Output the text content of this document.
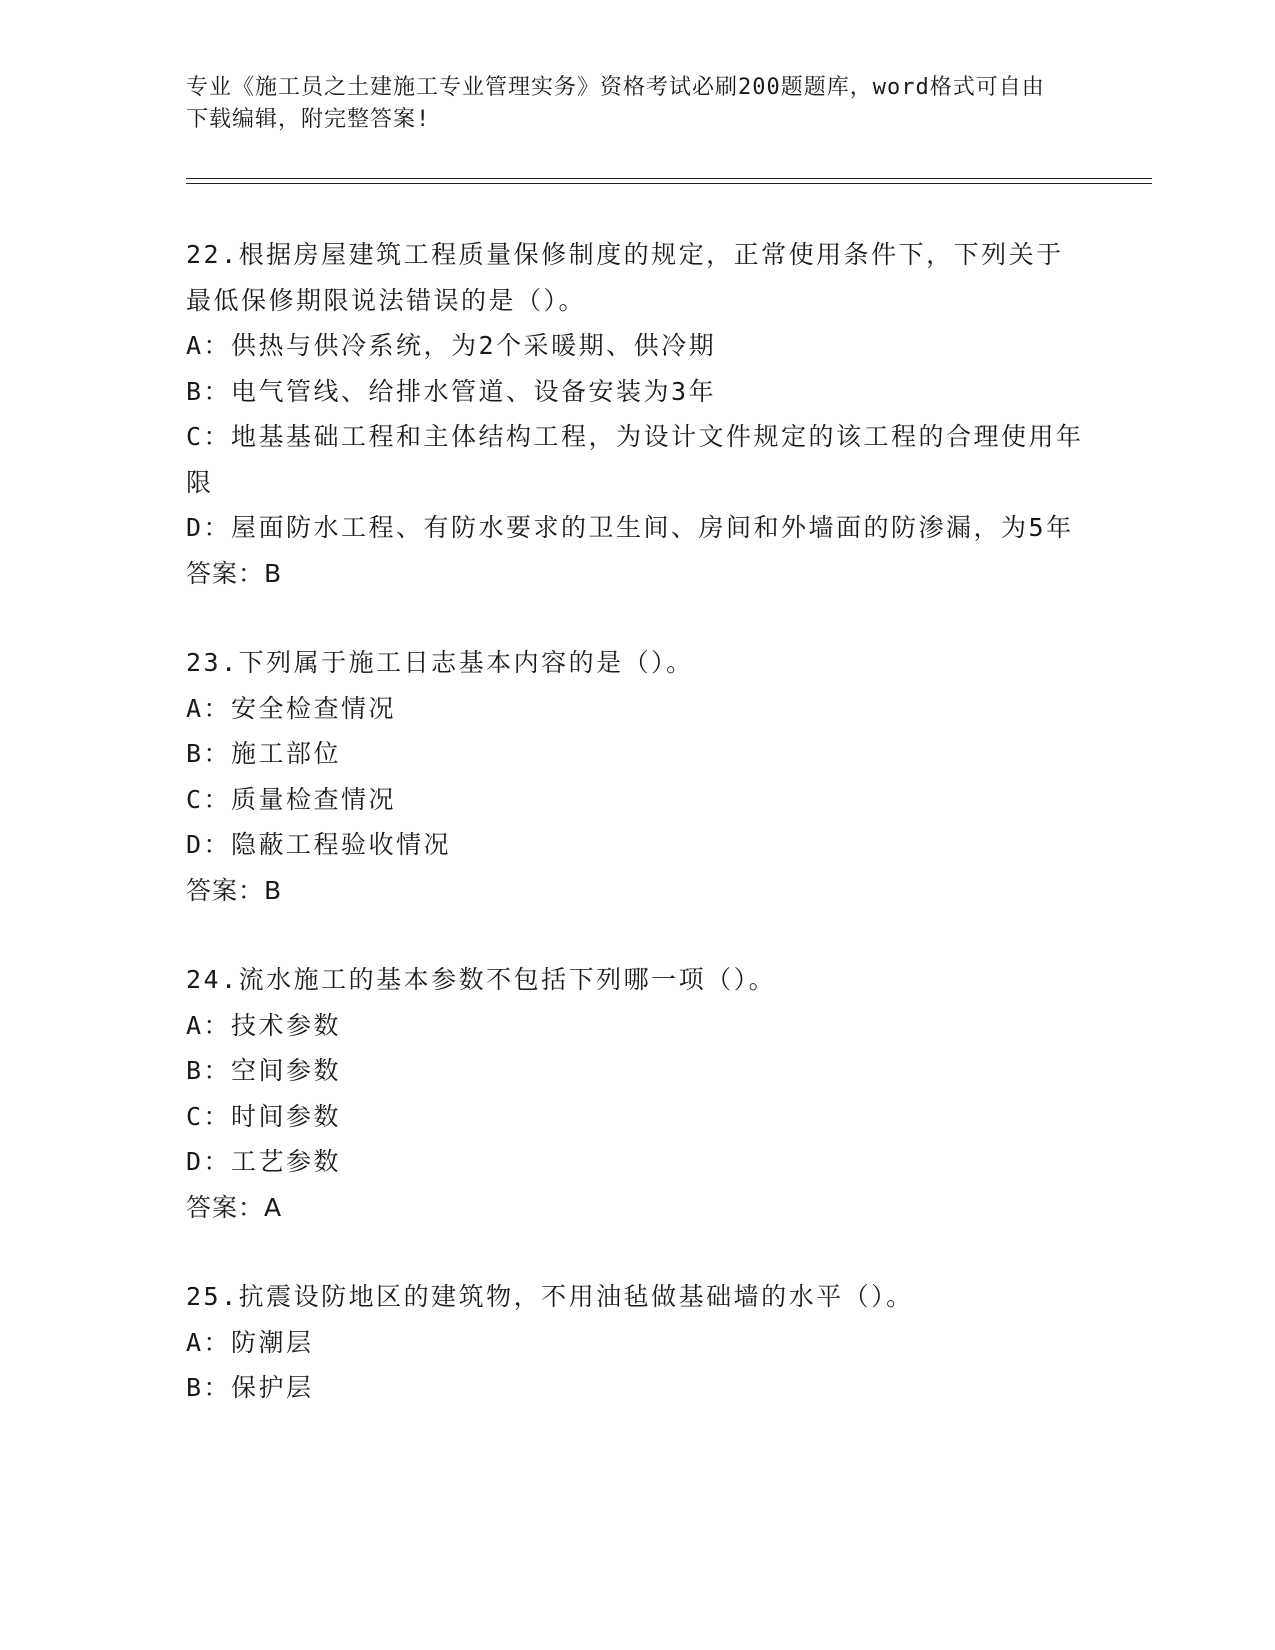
专业《施工员之土建施工专业管理实务》资格考试必刷200题题库，word格式可自由下载编辑，附完整答案!
22.根据房屋建筑工程质量保修制度的规定，正常使用条件下，下列关于最低保修期限说法错误的是（）。
A：供热与供冷系统，为2个采暖期、供冷期
B：电气管线、给排水管道、设备安装为3年
C：地基基础工程和主体结构工程，为设计文件规定的该工程的合理使用年限
D：屋面防水工程、有防水要求的卫生间、房间和外墙面的防渗漏，为5年
答案：B
23.下列属于施工日志基本内容的是（）。
A：安全检查情况
B：施工部位
C：质量检查情况
D：隐蔽工程验收情况
答案：B
24.流水施工的基本参数不包括下列哪一项（）。
A：技术参数
B：空间参数
C：时间参数
D：工艺参数
答案：A
25.抗震设防地区的建筑物，不用油毡做基础墙的水平（）。
A：防潮层
B：保护层
